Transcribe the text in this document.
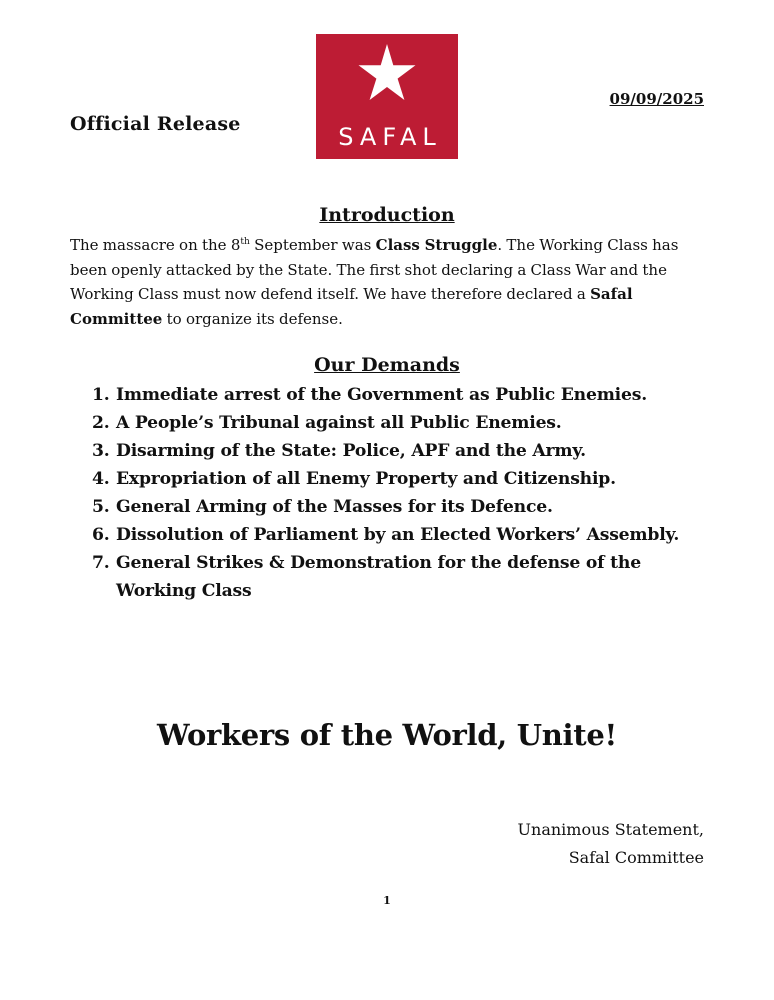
Official Release	SAFAL
09/09/2025
Introduction
The massacre on the 8th September was Class Struggle. The Working Class has been openly attacked by the State. The first shot declaring a Class War and the Working Class must now defend itself. We have therefore declared a Safal Committee to organize its defense.
Our Demands
1. Immediate arrest of the Government as Public Enemies.
2. A People’s Tribunal against all Public Enemies.
3. Disarming of the State: Police, APF and the Army.
4. Expropriation of all Enemy Property and Citizenship.
5. General Arming of the Masses for its Defence.
6. Dissolution of Parliament by an Elected Workers’ Assembly.
7. General Strikes & Demonstration for the defense of the Working Class
Workers of the World, Unite!
Unanimous Statement,
Safal Committee
1
